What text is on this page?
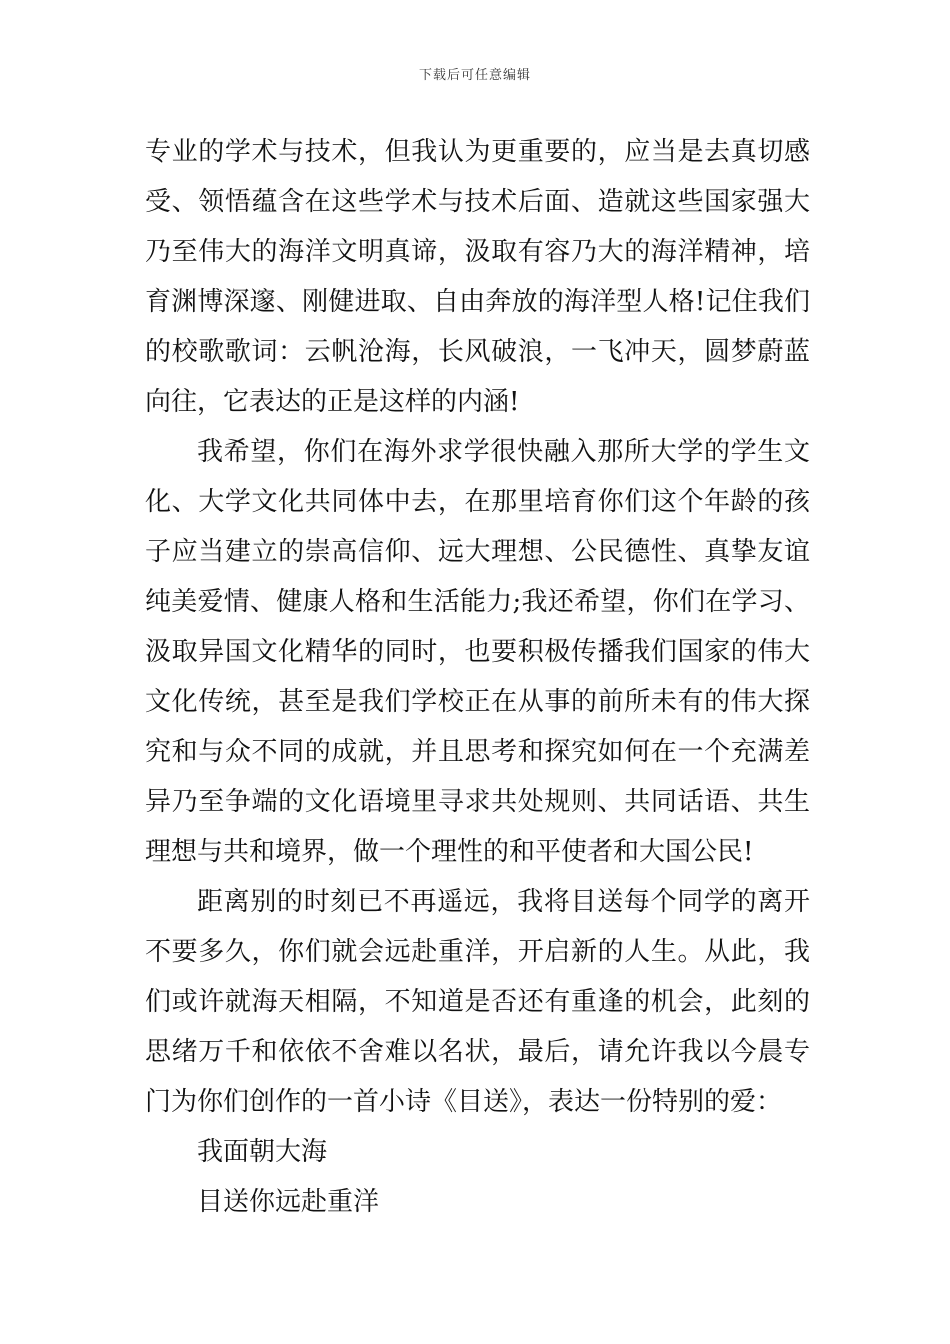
下载后可任意编辑
专业的学术与技术，但我认为更重要的，应当是去真切感
受、领悟蕴含在这些学术与技术后面、造就这些国家强大
乃至伟大的海洋文明真谛，汲取有容乃大的海洋精神，培
育渊博深邃、刚健进取、自由奔放的海洋型人格!记住我们
的校歌歌词：云帆沧海，长风破浪，一飞冲天，圆梦蔚蓝
向往，它表达的正是这样的内涵!
我希望，你们在海外求学很快融入那所大学的学生文
化、大学文化共同体中去，在那里培育你们这个年龄的孩
子应当建立的崇高信仰、远大理想、公民德性、真挚友谊
纯美爱情、健康人格和生活能力;我还希望，你们在学习、
汲取异国文化精华的同时，也要积极传播我们国家的伟大
文化传统，甚至是我们学校正在从事的前所未有的伟大探
究和与众不同的成就，并且思考和探究如何在一个充满差
异乃至争端的文化语境里寻求共处规则、共同话语、共生
理想与共和境界，做一个理性的和平使者和大国公民!
距离别的时刻已不再遥远，我将目送每个同学的离开
不要多久，你们就会远赴重洋，开启新的人生。从此，我
们或许就海天相隔，不知道是否还有重逢的机会，此刻的
思绪万千和依依不舍难以名状，最后，请允许我以今晨专
门为你们创作的一首小诗《目送》，表达一份特别的爱：
我面朝大海
目送你远赴重洋
